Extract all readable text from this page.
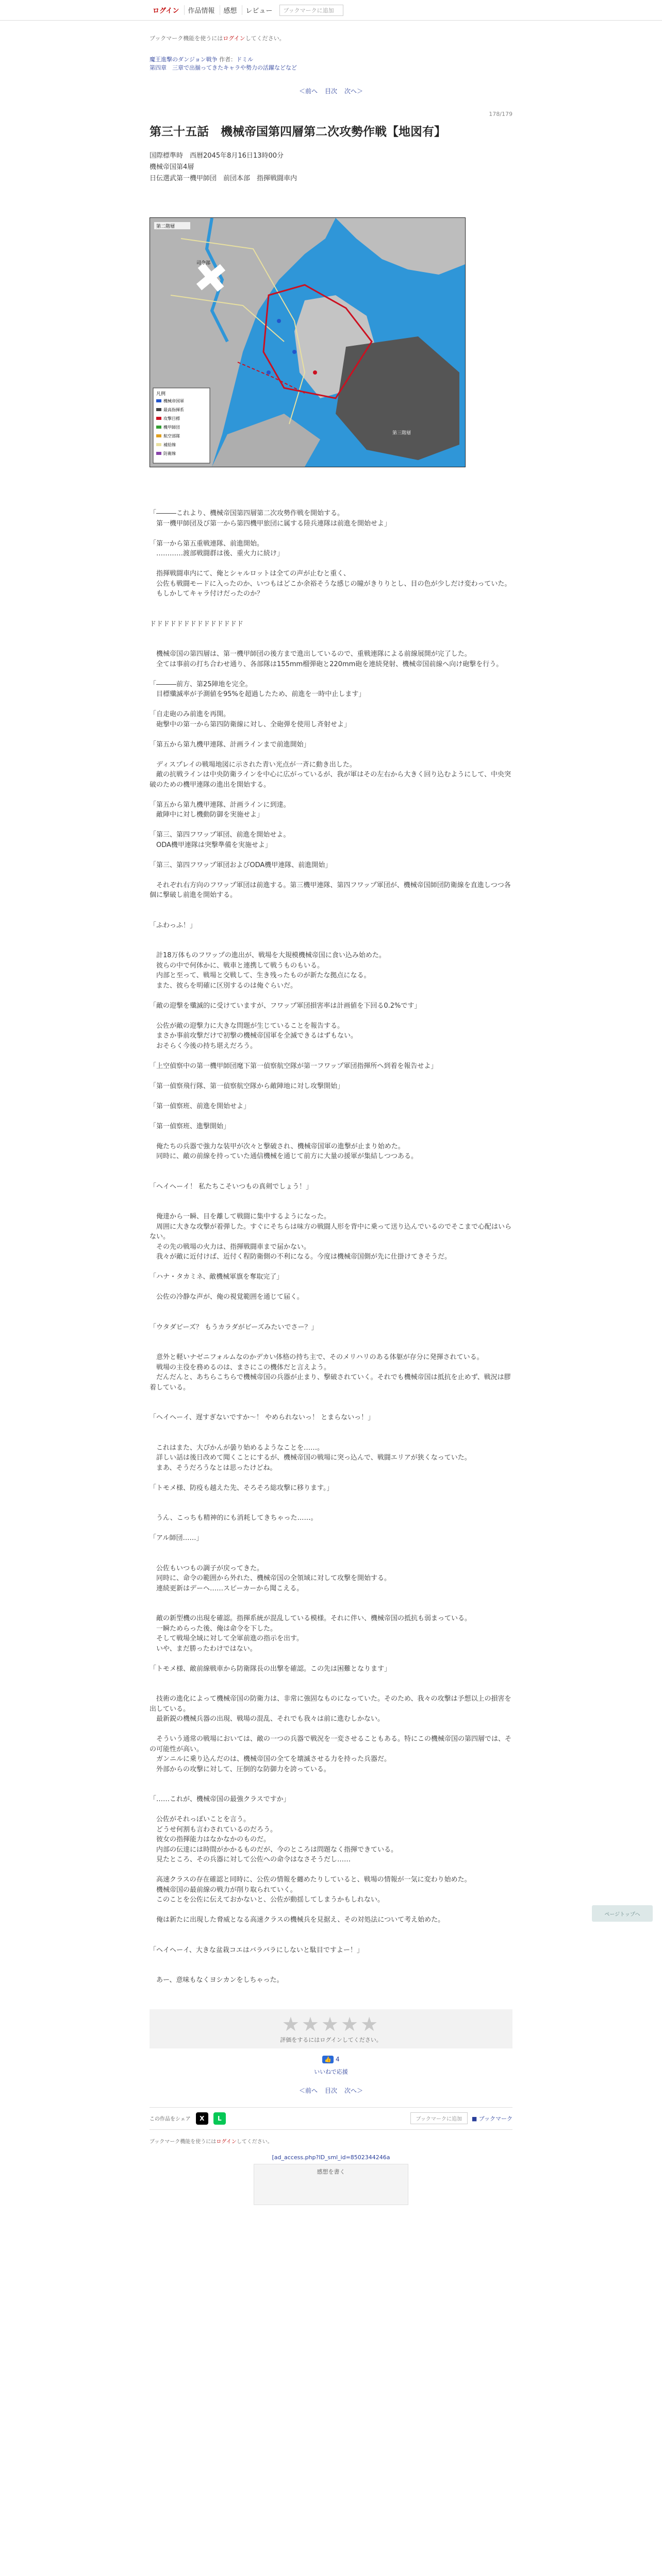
ログイン	作品情報	感想	レビュー	ブックマークに追加
ブックマーク機能を使うにはログインしてください。
魔王進撃のダンジョン戦争 作者：ドミル
第四章　三章で出揃ってきたキャラや勢力の活躍などなど
＜前へ 目次 次へ＞
178/179
第三十五話　機械帝国第四層第二次攻勢作戦【地図有】

国際標準時　西暦2045年8月16日13時00分

機械帝国第4層

日伝選武第一機甲師団　前団本部　指揮戦闘車内

第二階層
司令部
第三階層
凡例
機械帝国軍
最高指揮系
攻撃目標
機甲師団
航空部隊
補給線
防衛線

「―――これより、機械帝国第四層第二次攻勢作戦を開始する。

　第一機甲師団及び第一から第四機甲旅団に属する陸兵連隊は前進を開始せよ」

「第一から第五重戦連隊、前進開始。

　…………渡部戦闘群は後、重火力に続け」

　指揮戦闘車内にて、俺とシャルロットは全ての声が止むと重く、

　公佐も戦闘モードに入ったのか、いつもはどこか余裕そうな感じの瞳がきりりとし、目の色が少しだけ変わっていた。

　もしかしてキャラ付けだったのか？

ドドドドドドドドドドドドドド

　機械帝国の第四層は、第一機甲師団の後方まで進出しているので、重戦連隊による前線展開が完了した。

　全ては事前の打ち合わせ通り、各部隊は155mm榴弾砲と220mm砲を連続発射、機械帝国前線へ向け砲撃を行う。

「―――前方、第25陣地を完全。

　目標殲滅率が予測値を95%を超過したため、前進を一時中止します」

「自走砲のみ前進を再開。

　砲撃中の第一から第四防衛線に対し、全砲弾を使用し斉射せよ」

「第五から第九機甲連隊、計画ラインまで前進開始」

　ディスプレイの戦場地図に示された青い光点が一斉に動き出した。

　敵の抗戦ラインは中央防衛ラインを中心に広がっているが、我が軍はその左右から大きく回り込むようにして、中央突破のための機甲連隊の進出を開始する。

「第五から第九機甲連隊、計画ラインに到達。

　敵陣中に対し機動防御を実施せよ」

「第三、第四フワップ軍団、前進を開始せよ。

　ODA機甲連隊は突撃準備を実施せよ」

「第三、第四フワップ軍団およびODA機甲連隊、前進開始」

　それぞれ右方向のフワップ軍団は前進する。第三機甲連隊、第四フワップ軍団が、機械帝国師団防衛線を直進しつつ各個に撃破し前進を開始する。

「ふわっふ！」

　計18万体ものフワップの進出が、戦場を大規模機械帝国に食い込み始めた。

　彼らの中で何体かに、戦車と連携して戦うものもいる。

　内部と至って、戦場と交戦して、生き残ったものが新たな拠点になる。

　また、彼らを明確に区別するのは俺ぐらいだ。

「敵の迎撃を殲滅的に受けていますが、フワップ軍団損害率は計画値を下回る0.2%です」

　公佐が敵の迎撃力に大きな問題が生じていることを報告する。

　まさか事前攻撃だけで初撃の機械帝国軍を全滅できるはずもない。

　おそらく今後の持ち堪えだろう。

「上空偵察中の第一機甲師団麾下第一偵察航空隊が第一フワップ軍団指揮所へ到着を報告せよ」

「第一偵察飛行隊、第一偵察航空隊から敵陣地に対し攻撃開始」

「第一偵察班、前進を開始せよ」

「第一偵察班、進撃開始」

　俺たちの兵器で強力な装甲が次々と撃破され、機械帝国軍の進撃が止まり始めた。

　同時に、敵の前線を持っていた通信機械を通じて前方に大量の援軍が集結しつつある。

「ヘイヘーイ！ 私たちこそいつもの真剣でしょう！」

　俺達から一瞬、目を離して戦闘に集中するようになった。

　周囲に大きな攻撃が着弾した。すぐにそちらは味方の戦闘人形を背中に乗って送り込んでいるのでそこまで心配はいらない。

　その先の戦場の火力は、指揮戦闘車まで届かない。

　我々が敵に近付けば、近付く程防衛側の不利になる。今度は機械帝国側が先に仕掛けてきそうだ。

「ハナ・タカミネ、敵機械軍旗を奪取完了」

　公佐の冷静な声が、俺の視覚範囲を通じて届く。

「ウタダビーズ？ もうカラダがビーズみたいでさー？」

　意外と軽いナゼニフォルムなのかデカい体格の持ち主で、そのメリハリのある体躯が存分に発揮されている。

　戦場の主役を務めるのは、まさにこの機体だと言えよう。

　だんだんと、あちらこちらで機械帝国の兵器が止まり、撃破されていく。それでも機械帝国は抵抗を止めず、戦況は膠着している。

「ヘイヘーイ、遅すぎないですか〜！ やめられないっ！ とまらないっ！」

　これはまた、大ぴかんが曇り始めるようなことを……。

　詳しい話は後日改めて聞くことにするが、機械帝国の戦場に突っ込んで、戦闘エリアが狭くなっていた。

　まあ、そうだろうなとは思ったけどね。

「トモメ様、防疫も越えた先、そろそろ総攻撃に移ります。」

　うん、こっちも精神的にも消耗してきちゃった……。

「アル師団……」

　公佐もいつもの調子が戻ってきた。

　同時に、命令の範囲から外れた、機械帝国の全領域に対して攻撃を開始する。

　連続更新はデーヘ……スピーカーから聞こえる。

　敵の新型機の出現を確認。指揮系統が混乱している模様。それに伴い、機械帝国の抵抗も弱まっている。

　一瞬ためらった後、俺は命令を下した。

　そして戦場全域に対して全軍前進の指示を出す。

　いや、まだ勝ったわけではない。

「トモメ様、敵前線戦車から防衛隊長の出撃を確認。この先は困難となります」

　技術の進化によって機械帝国の防衛力は、非常に強固なものになっていた。そのため、我々の攻撃は予想以上の損害を出している。

　最新鋭の機械兵器の出現、戦場の混乱、それでも我々は前に進むしかない。

　そういう通常の戦場においては、敵の一つの兵器で戦況を一変させることもある。特にこの機械帝国の第四層では、その可能性が高い。

　ガンニルに乗り込んだのは、機械帝国の全てを壊滅させる力を持った兵器だ。

　外部からの攻撃に対して、圧倒的な防御力を誇っている。

「……これが、機械帝国の最強クラスですか」

　公佐がそれっぽいことを言う。

　どうせ何割も言わされているのだろう。

　彼女の指揮能力はなかなかのものだ。

　内部の伝達には時間がかかるものだが、今のところは問題なく指揮できている。

　見たところ、その兵器に対して公佐への命令はなさそうだし……

　高速クラスの存在確認と同時に、公佐の情報を纏めたりしていると、戦場の情報が一気に変わり始めた。

　機械帝国の最前線の戦力が削り取られていく。

　このことを公佐に伝えておかないと、公佐が動揺してしまうかもしれない。

　俺は新たに出現した脅威となる高速クラスの機械兵を見据え、その対処法について考え始めた。

「ヘイヘーイ、大きな盆栽コエはバラバラにしないと駄目ですよー！」

　あー、意味もなくヨシカンをしちゃった。

★★★★★
評価をするにはログインしてください。
👍 4
いいねで応援
＜前へ 目次 次へ＞
この作品をシェア	X	L	ブックマークに追加	■ ブックマーク
ブックマーク機能を使うにはログインしてください。
[ad_access.php?ID_sml_id=8502344246a
感想を書く
ページトップへ
